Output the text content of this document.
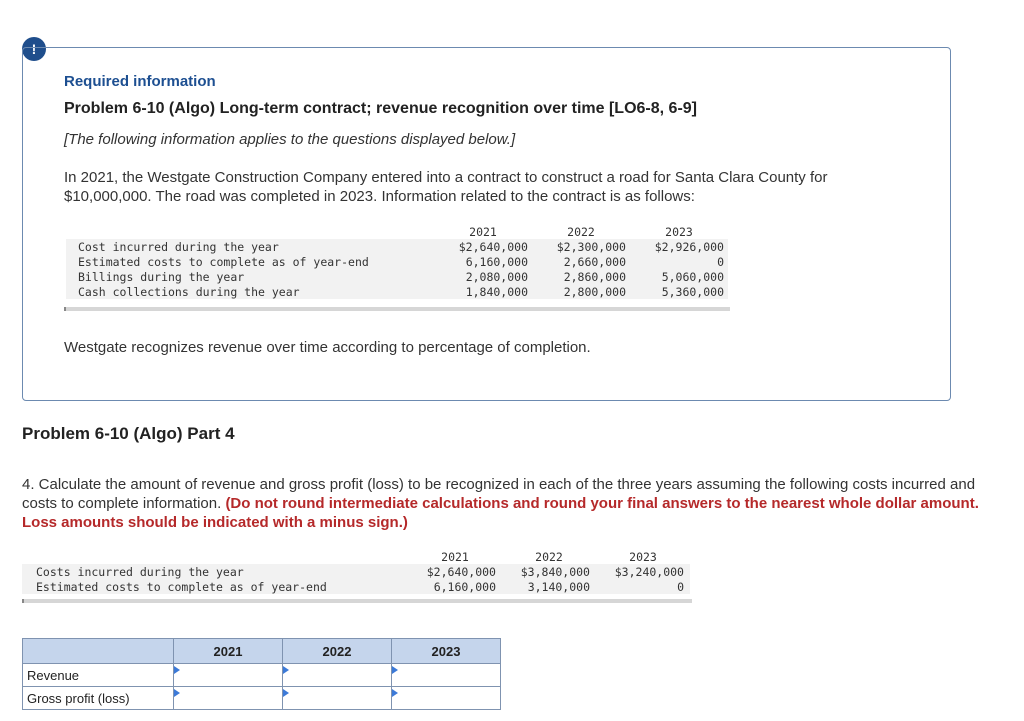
!
Required information
Problem 6-10 (Algo) Long-term contract; revenue recognition over time [LO6-8, 6-9]
[The following information applies to the questions displayed below.]
In 2021, the Westgate Construction Company entered into a contract to construct a road for Santa Clara County for $10,000,000. The road was completed in 2023. Information related to the contract is as follows:
	2021	2022	2023
Cost incurred during the year	$2,640,000	$2,300,000	$2,926,000
Estimated costs to complete as of year-end	6,160,000	2,660,000	0
Billings during the year	2,080,000	2,860,000	5,060,000
Cash collections during the year	1,840,000	2,800,000	5,360,000
Westgate recognizes revenue over time according to percentage of completion.
Problem 6-10 (Algo) Part 4
4. Calculate the amount of revenue and gross profit (loss) to be recognized in each of the three years assuming the following costs incurred and costs to complete information. (Do not round intermediate calculations and round your final answers to the nearest whole dollar amount. Loss amounts should be indicated with a minus sign.)
	2021	2022	2023
Costs incurred during the year	$2,640,000	$3,840,000	$3,240,000
Estimated costs to complete as of year-end	6,160,000	3,140,000	0
	2021	2022	2023
Revenue			
Gross profit (loss)			
